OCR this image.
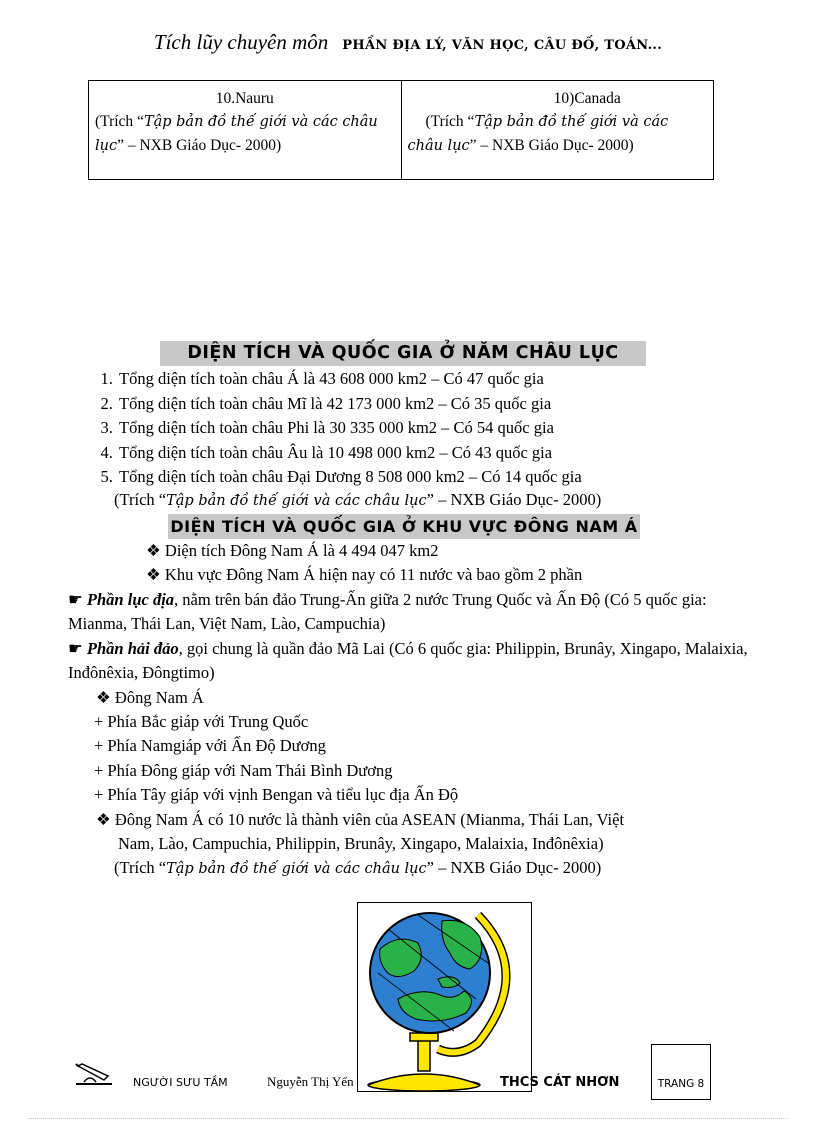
Tích lũy chuyên môn PHẦN ĐỊA LÝ, VĂN HỌC, CÂU ĐỐ, TOÁN...
10.Nauru
(Trích “Tập bản đồ thế giới và các châu lục” – NXB Giáo Dục- 2000)

10)Canada
(Trích “Tập bản đồ thế giới và các châu lục” – NXB Giáo Dục- 2000)
DIỆN TÍCH VÀ QUỐC GIA Ở NĂM CHÂU LỤC
1. Tổng diện tích toàn châu Á là 43 608 000 km2 – Có 47 quốc gia
2. Tổng diện tích toàn châu Mĩ là 42 173 000 km2 – Có 35 quốc gia
3. Tổng diện tích toàn châu Phi là 30 335 000 km2 – Có 54 quốc gia
4. Tổng diện tích toàn châu Âu là 10 498 000 km2 – Có 43 quốc gia
5. Tổng diện tích toàn châu Đại Dương 8 508 000 km2 – Có 14 quốc gia
(Trích “Tập bản đồ thế giới và các châu lục” – NXB Giáo Dục- 2000)
DIỆN TÍCH VÀ QUỐC GIA Ở KHU VỰC ĐÔNG NAM Á
❖ Diện tích Đông Nam Á là 4 494 047 km2
❖ Khu vực Đông Nam Á hiện nay có 11 nước và bao gồm 2 phần
☛ Phần lục địa, nằm trên bán đảo Trung-Ấn giữa 2 nước Trung Quốc và Ấn Độ (Có 5 quốc gia: Mianma, Thái Lan, Việt Nam, Lào, Campuchia)
☛ Phần hải đảo, gọi chung là quần đảo Mã Lai (Có 6 quốc gia: Philippin, Brunây, Xingapo, Malaixia, Inđônêxia, Đôngtimo)
❖ Đông Nam Á
+ Phía Bắc giáp với Trung Quốc
+ Phía Namgiáp với Ấn Độ Dương
+ Phía Đông giáp với Nam Thái Bình Dương
+ Phía Tây giáp với vịnh Bengan và tiểu lục địa Ấn Độ
❖ Đông Nam Á có 10 nước là thành viên của ASEAN (Mianma, Thái Lan, Việt
Nam, Lào, Campuchia, Philippin, Brunây, Xingapo, Malaixia, Inđônêxia)
(Trích “Tập bản đồ thế giới và các châu lục” – NXB Giáo Dục- 2000)
NGƯỜI SƯU TẦM	Nguyễn Thị Yến	THCS CÁT NHƠN	TRANG 8
